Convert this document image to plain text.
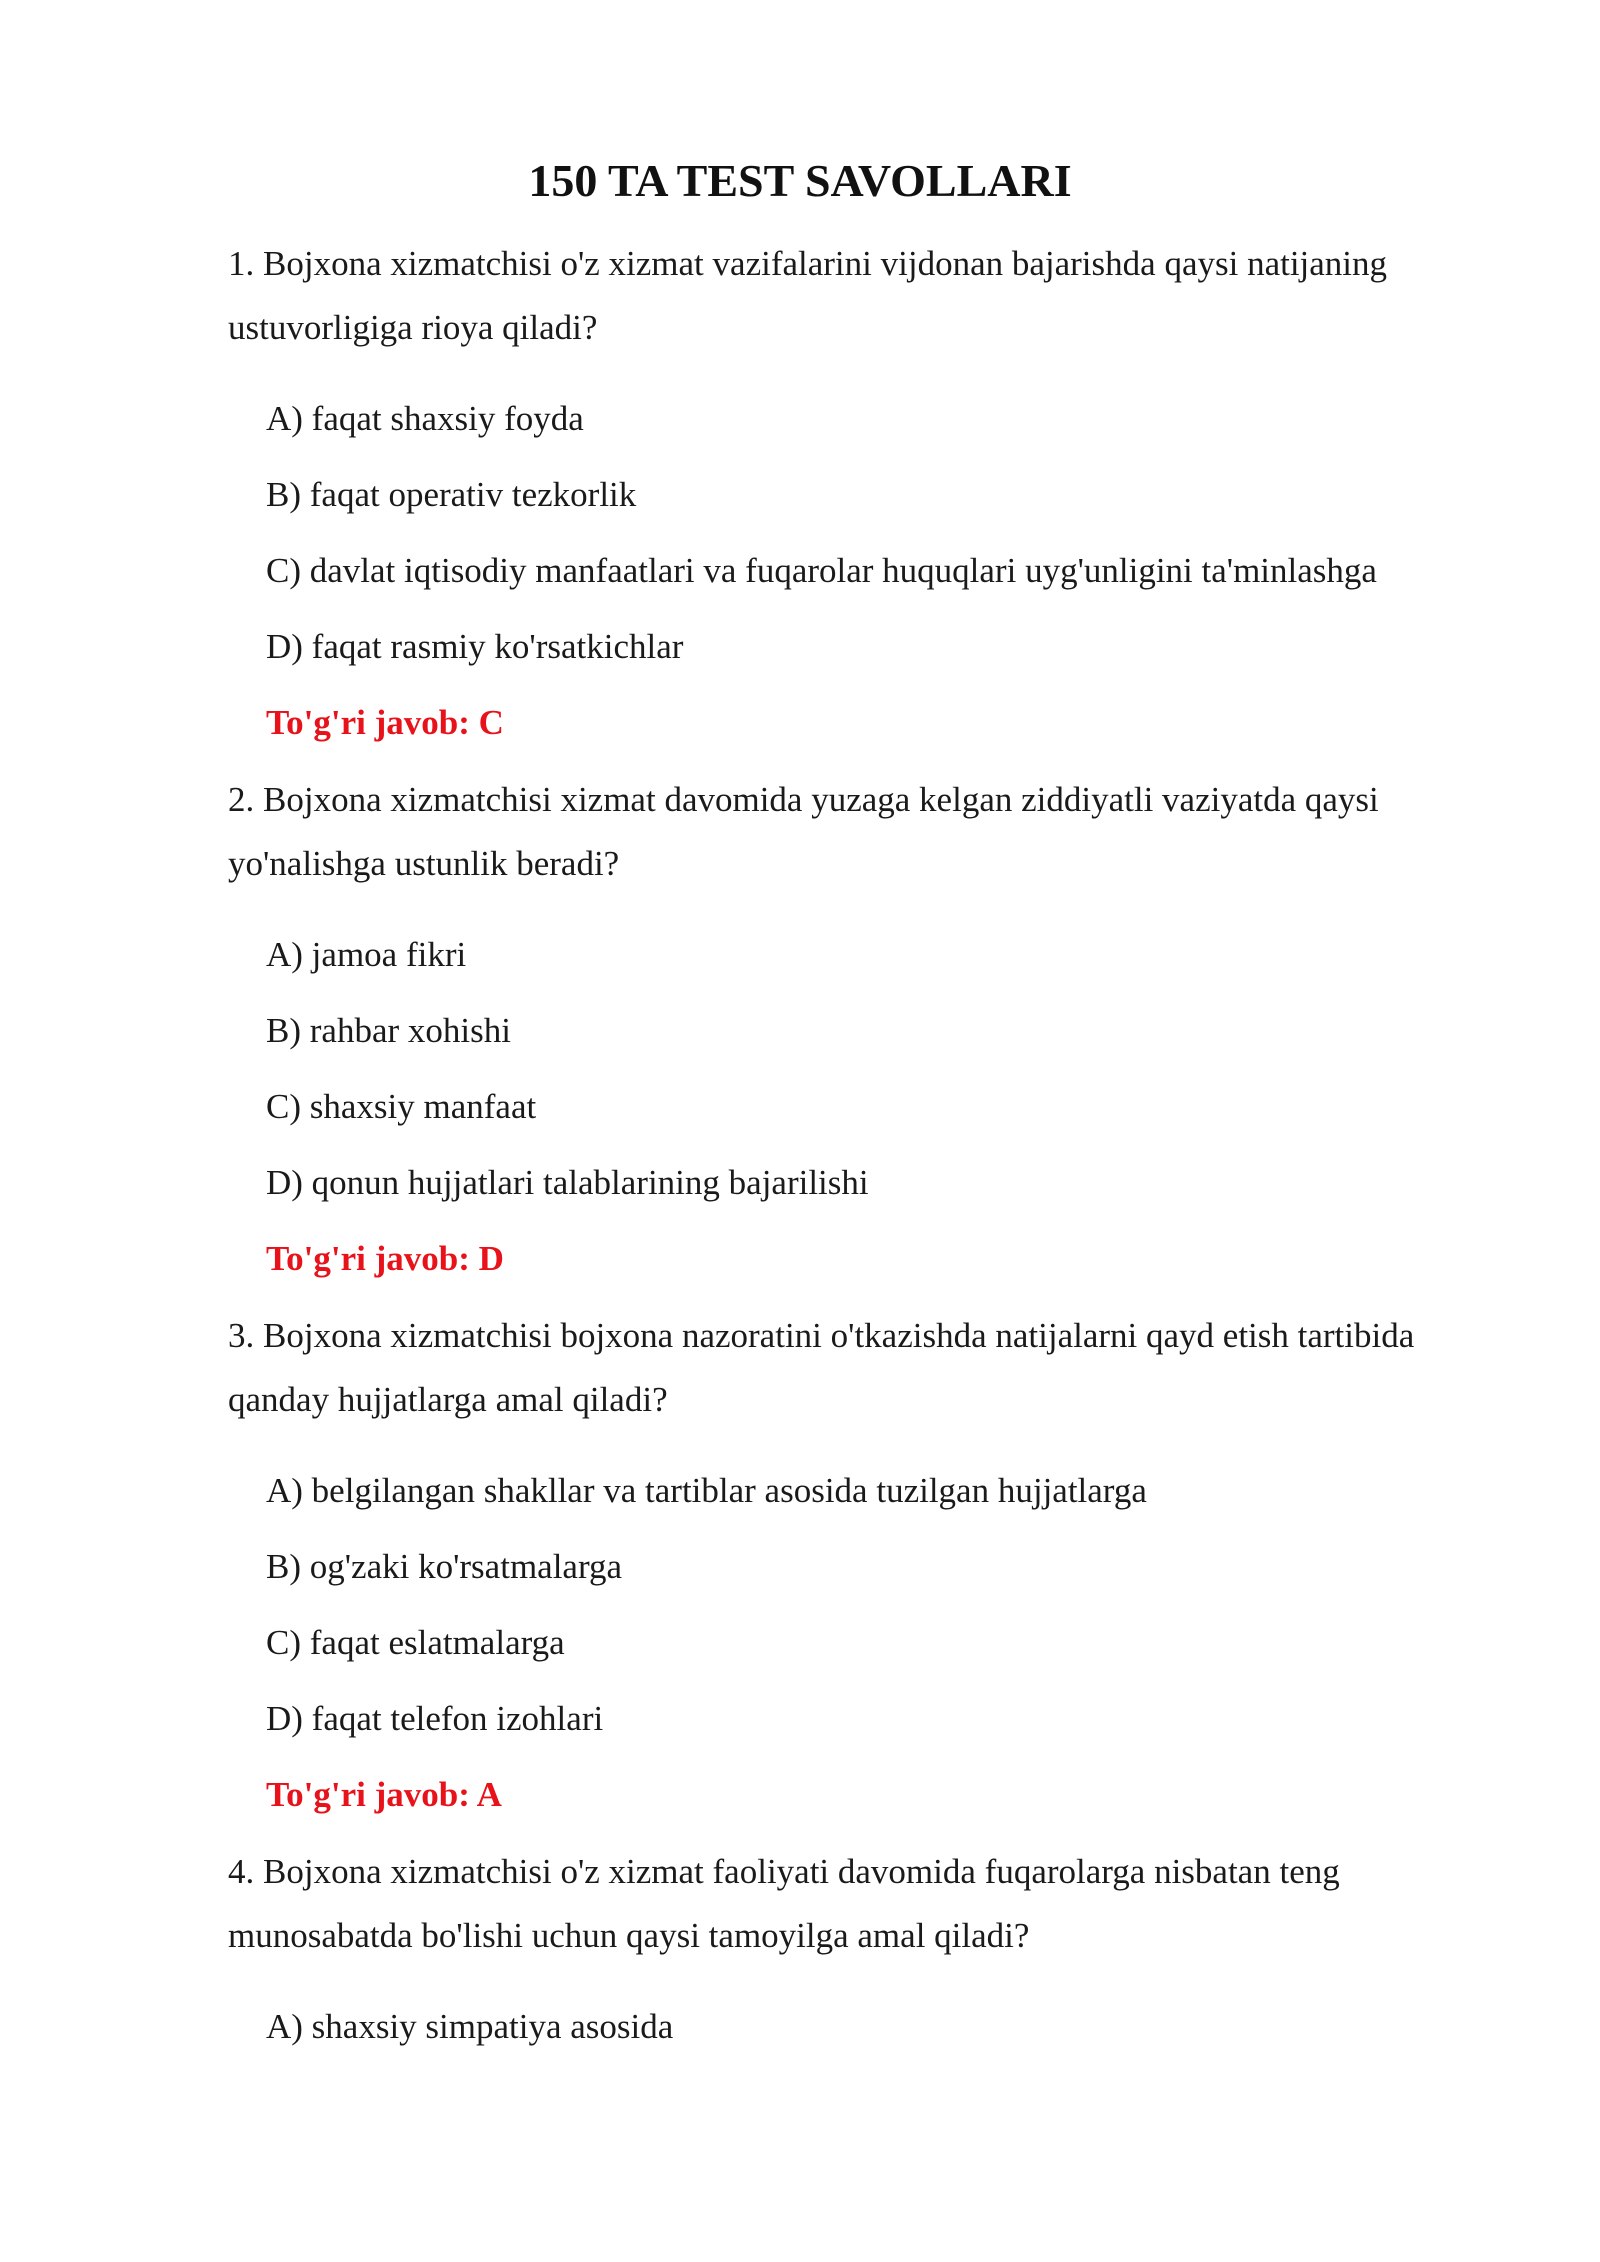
150 TA TEST SAVOLLARI

1. Bojxona xizmatchisi o'z xizmat vazifalarini vijdonan bajarishda qaysi natijaning ustuvorligiga rioya qiladi?

A) faqat shaxsiy foyda

B) faqat operativ tezkorlik

C) davlat iqtisodiy manfaatlari va fuqarolar huquqlari uyg'unligini ta'minlashga

D) faqat rasmiy ko'rsatkichlar

To'g'ri javob: C

2. Bojxona xizmatchisi xizmat davomida yuzaga kelgan ziddiyatli vaziyatda qaysi yo'nalishga ustunlik beradi?

A) jamoa fikri

B) rahbar xohishi

C) shaxsiy manfaat

D) qonun hujjatlari talablarining bajarilishi

To'g'ri javob: D

3. Bojxona xizmatchisi bojxona nazoratini o'tkazishda natijalarni qayd etish tartibida qanday hujjatlarga amal qiladi?

A) belgilangan shakllar va tartiblar asosida tuzilgan hujjatlarga

B) og'zaki ko'rsatmalarga

C) faqat eslatmalarga

D) faqat telefon izohlari

To'g'ri javob: A

4. Bojxona xizmatchisi o'z xizmat faoliyati davomida fuqarolarga nisbatan teng munosabatda bo'lishi uchun qaysi tamoyilga amal qiladi?

A) shaxsiy simpatiya asosida
